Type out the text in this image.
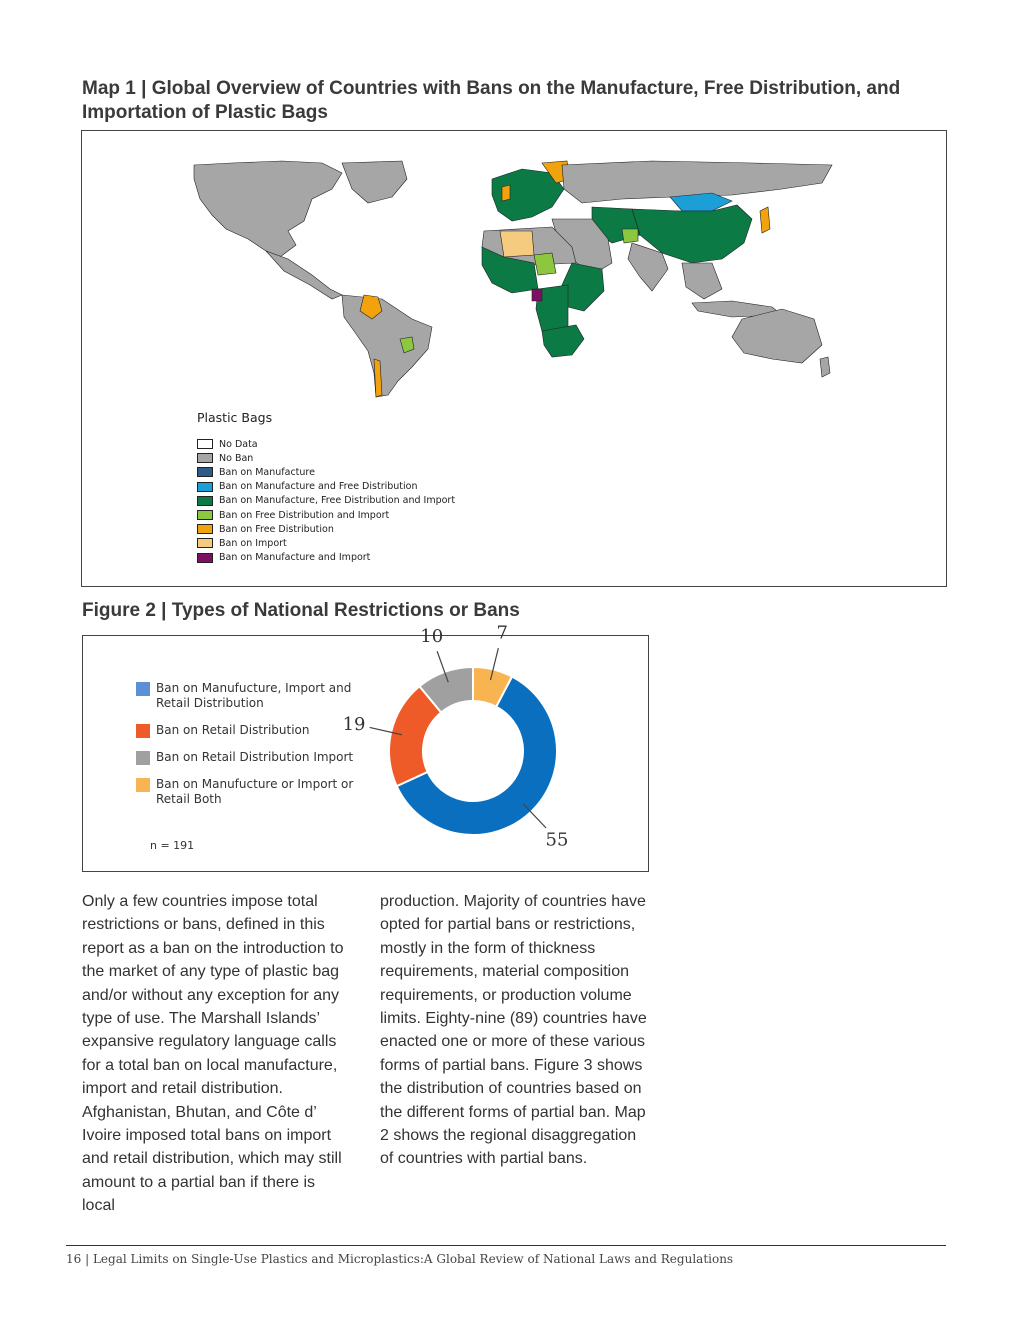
Map 1 | Global Overview of Countries with Bans on the Manufacture, Free Distribution, and Importation of Plastic Bags
Plastic Bags
No Data
No Ban
Ban on Manufacture
Ban on Manufacture and Free Distribution
Ban on Manufacture, Free Distribution and Import
Ban on Free Distribution and Import
Ban on Free Distribution
Ban on Import
Ban on Manufacture and Import
Figure 2 | Types of National Restrictions or Bans
Ban on Manufucture, Import and Retail Distribution
Ban on Retail Distribution
Ban on Retail Distribution Import
Ban on Manufucture or Import or Retail Both
n = 191
7
55
19
10
Only a few countries impose total restrictions or bans, defined in this report as a ban on the introduction to the market of any type of plastic bag and/or without any exception for any type of use. The Marshall Islands’ expansive regulatory language calls for a total ban on local manufacture, import and retail distribution. Afghanistan, Bhutan, and Côte d’ Ivoire imposed total bans on import and retail distribution, which may still amount to a partial ban if there is local
production. Majority of countries have opted for partial bans or restrictions, mostly in the form of thickness requirements, material composition requirements, or production volume limits. Eighty-nine (89) countries have enacted one or more of these various forms of partial bans. Figure 3 shows the distribution of countries based on the different forms of partial ban. Map 2 shows the regional disaggregation of countries with partial bans.
16 | Legal Limits on Single-Use Plastics and Microplastics:A Global Review of National Laws and Regulations
